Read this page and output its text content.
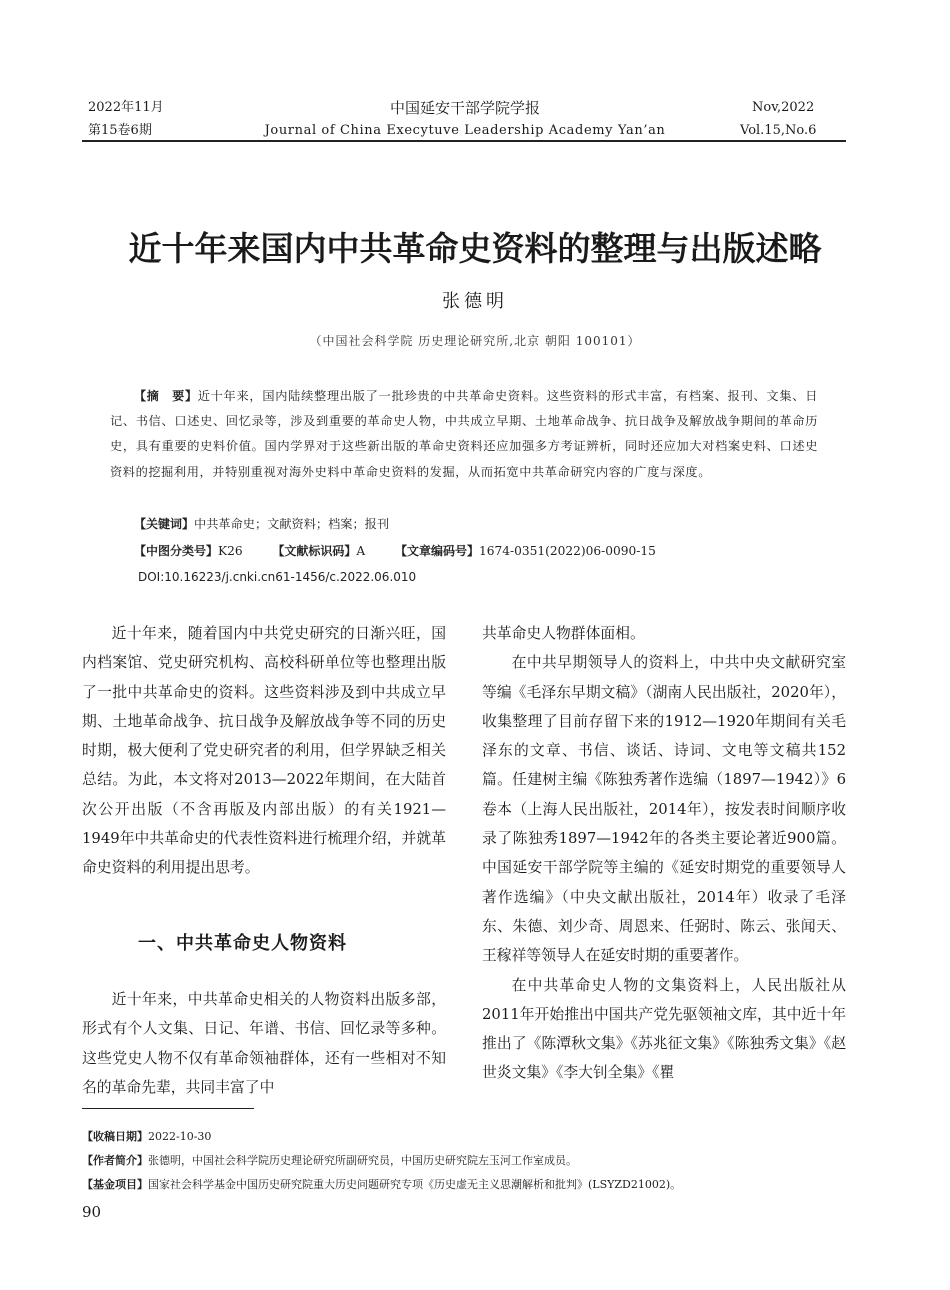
2022年11月
第15卷6期
中国延安干部学院学报
Journal of China Execytuve Leadership Academy Yan’an
Nov,2022
Vol.15,No.6
近十年来国内中共革命史资料的整理与出版述略
张德明
（中国社会科学院 历史理论研究所,北京 朝阳 100101）
【摘　要】近十年来，国内陆续整理出版了一批珍贵的中共革命史资料。这些资料的形式丰富，有档案、报刊、文集、日记、书信、口述史、回忆录等，涉及到重要的革命史人物，中共成立早期、土地革命战争、抗日战争及解放战争期间的革命历史，具有重要的史料价值。国内学界对于这些新出版的革命史资料还应加强多方考证辨析，同时还应加大对档案史料、口述史资料的挖掘利用，并特别重视对海外史料中革命史资料的发掘，从而拓宽中共革命研究内容的广度与深度。
【关键词】中共革命史；文献资料；档案；报刊
【中图分类号】K26 【文献标识码】A 【文章编码号】1674-0351(2022)06-0090-15
DOI:10.16223/j.cnki.cn61-1456/c.2022.06.010

近十年来，随着国内中共党史研究的日渐兴旺，国内档案馆、党史研究机构、高校科研单位等也整理出版了一批中共革命史的资料。这些资料涉及到中共成立早期、土地革命战争、抗日战争及解放战争等不同的历史时期，极大便利了党史研究者的利用，但学界缺乏相关总结。为此，本文将对2013—2022年期间，在大陆首次公开出版（不含再版及内部出版）的有关1921—1949年中共革命史的代表性资料进行梳理介绍，并就革命史资料的利用提出思考。

一、中共革命史人物资料

近十年来，中共革命史相关的人物资料出版多部，形式有个人文集、日记、年谱、书信、回忆录等多种。这些党史人物不仅有革命领袖群体，还有一些相对不知名的革命先辈，共同丰富了中

共革命史人物群体面相。

在中共早期领导人的资料上，中共中央文献研究室等编《毛泽东早期文稿》（湖南人民出版社，2020年），收集整理了目前存留下来的1912—1920年期间有关毛泽东的文章、书信、谈话、诗词、文电等文稿共152篇。任建树主编《陈独秀著作选编（1897—1942）》6卷本（上海人民出版社，2014年），按发表时间顺序收录了陈独秀1897—1942年的各类主要论著近900篇。中国延安干部学院等主编的《延安时期党的重要领导人著作选编》（中央文献出版社，2014年）收录了毛泽东、朱德、刘少奇、周恩来、任弼时、陈云、张闻天、王稼祥等领导人在延安时期的重要著作。

在中共革命史人物的文集资料上，人民出版社从2011年开始推出中国共产党先驱领袖文库，其中近十年推出了《陈潭秋文集》《苏兆征文集》《陈独秀文集》《赵世炎文集》《李大钊全集》《瞿

【收稿日期】2022-10-30
【作者简介】张德明，中国社会科学院历史理论研究所副研究员，中国历史研究院左玉河工作室成员。
【基金项目】国家社会科学基金中国历史研究院重大历史问题研究专项《历史虚无主义思潮解析和批判》(LSYZD21002)。
90
